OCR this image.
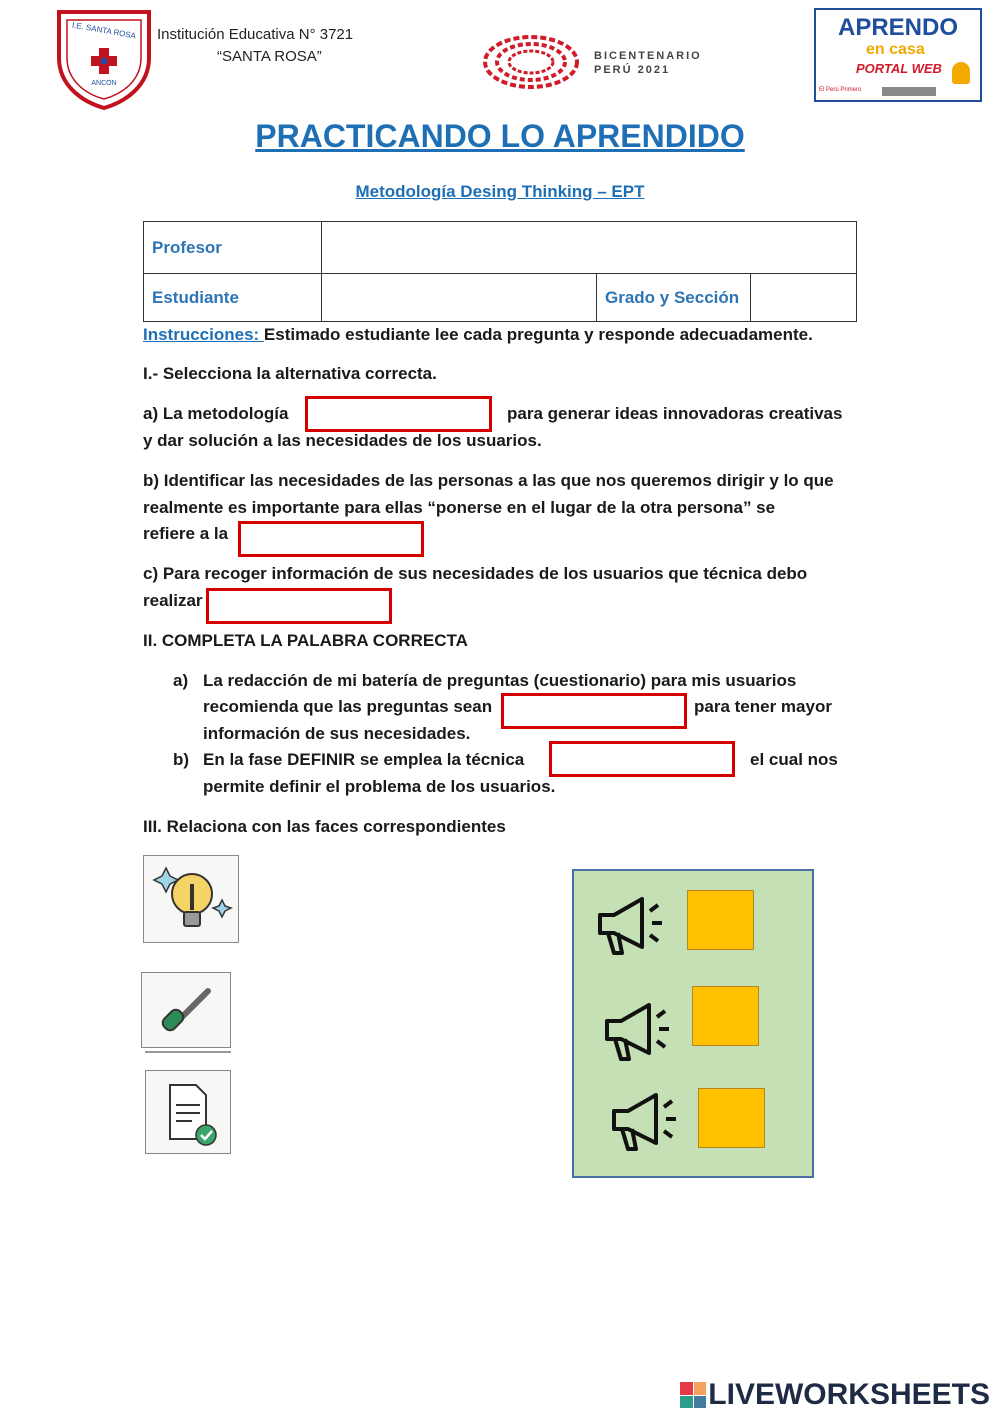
I.E. SANTA ROSA
ANCON
Institución Educativa N° 3721
“SANTA ROSA”	BICENTENARIO
PERÚ 2021
APRENDO
en casa
PORTAL WEB
El Perú Primero
PRACTICANDO LO APRENDIDO
Metodología Desing Thinking – EPT
Profesor			
Estudiante		Grado y Sección	
Instrucciones: Estimado estudiante lee cada pregunta y responde adecuadamente.
I.- Selecciona la alternativa correcta.
a) La metodología	para generar ideas innovadoras creativas
y dar solución a las necesidades de los usuarios.
b) Identificar las necesidades de las personas a las que nos queremos dirigir y lo que
realmente es importante para ellas “ponerse en el lugar de la otra persona” se
refiere a la
c) Para recoger información de sus necesidades de los usuarios que técnica debo
realizar
II. COMPLETA LA PALABRA CORRECTA
a) La redacción de mi batería de preguntas (cuestionario) para mis usuarios
recomienda que las preguntas sean	para tener mayor
información de sus necesidades.
b) En la fase DEFINIR se emplea la técnica	el cual nos
permite definir el problema de los usuarios.
III. Relaciona con las faces correspondientes
LIVEWORKSHEETS
